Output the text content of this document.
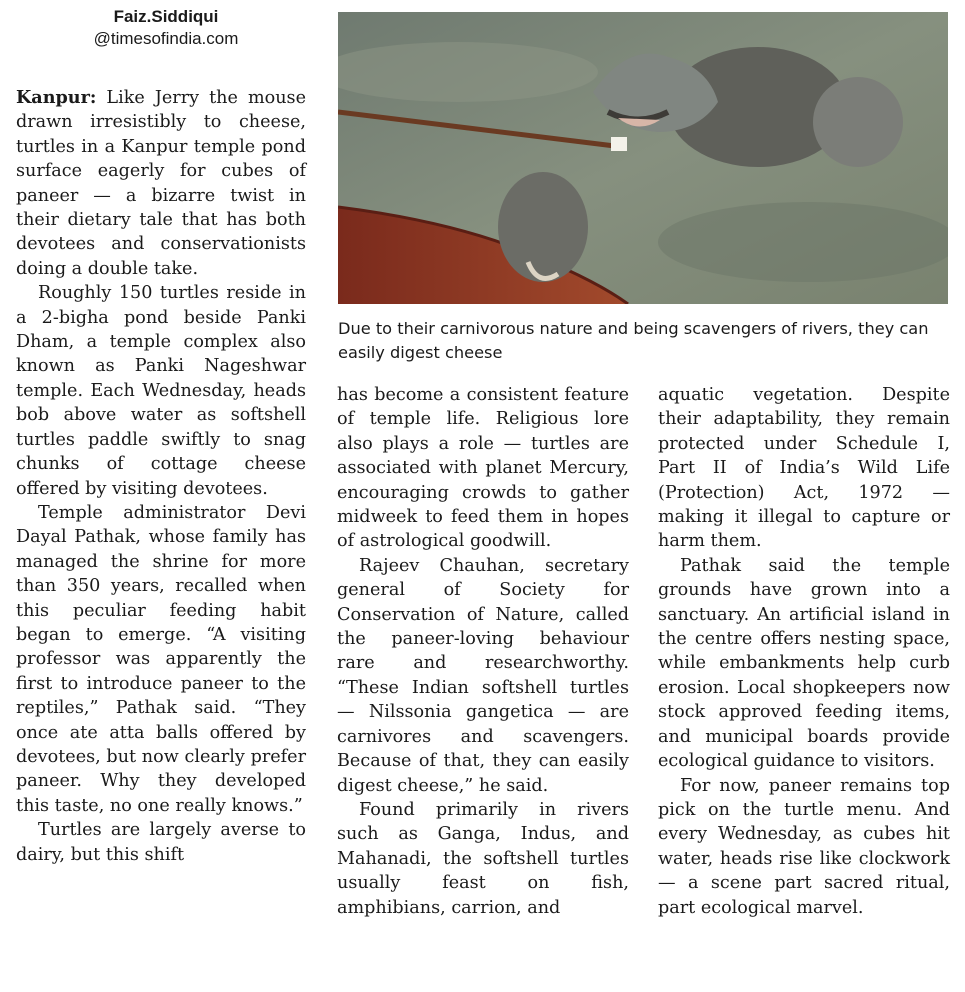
Faiz.Siddiqui
@timesofindia.com
Due to their carnivorous nature and being scavengers of rivers, they can easily digest cheese

Kanpur: Like Jerry the mouse drawn irresistibly to cheese, turtles in a Kanpur temple pond surface eagerly for cubes of paneer — a bizarre twist in their dietary tale that has both devotees and conservationists doing a double take.

Roughly 150 turtles reside in a 2-bigha pond beside Panki Dham, a temple complex also known as Panki Nageshwar temple. Each Wednesday, heads bob above water as softshell turtles paddle swiftly to snag chunks of cottage cheese offered by visiting devotees.

Temple administrator Devi Dayal Pathak, whose family has managed the shrine for more than 350 years, recalled when this peculiar feeding habit began to emerge. “A visiting professor was apparently the first to introduce paneer to the reptiles,” Pathak said. “They once ate atta balls offered by devotees, but now clearly prefer paneer. Why they developed this taste, no one really knows.”

Turtles are largely averse to dairy, but this shift

has become a consistent feature of temple life. Religious lore also plays a role — turtles are associated with planet Mercury, encouraging crowds to gather midweek to feed them in hopes of astrological goodwill.

Rajeev Chauhan, secretary general of Society for Conservation of Nature, called the paneer-loving behaviour rare and researchworthy. “These Indian softshell turtles — Nilssonia gangetica — are carnivores and scavengers. Because of that, they can easily digest cheese,” he said.

Found primarily in rivers such as Ganga, Indus, and Mahanadi, the softshell turtles usually feast on fish, amphibians, carrion, and

aquatic vegetation. Despite their adaptability, they remain protected under Schedule I, Part II of India’s Wild Life (Protection) Act, 1972 — making it illegal to capture or harm them.

Pathak said the temple grounds have grown into a sanctuary. An artificial island in the centre offers nesting space, while embankments help curb erosion. Local shopkeepers now stock approved feeding items, and municipal boards provide ecological guidance to visitors.

For now, paneer remains top pick on the turtle menu. And every Wednesday, as cubes hit water, heads rise like clockwork — a scene part sacred ritual, part ecological marvel.
